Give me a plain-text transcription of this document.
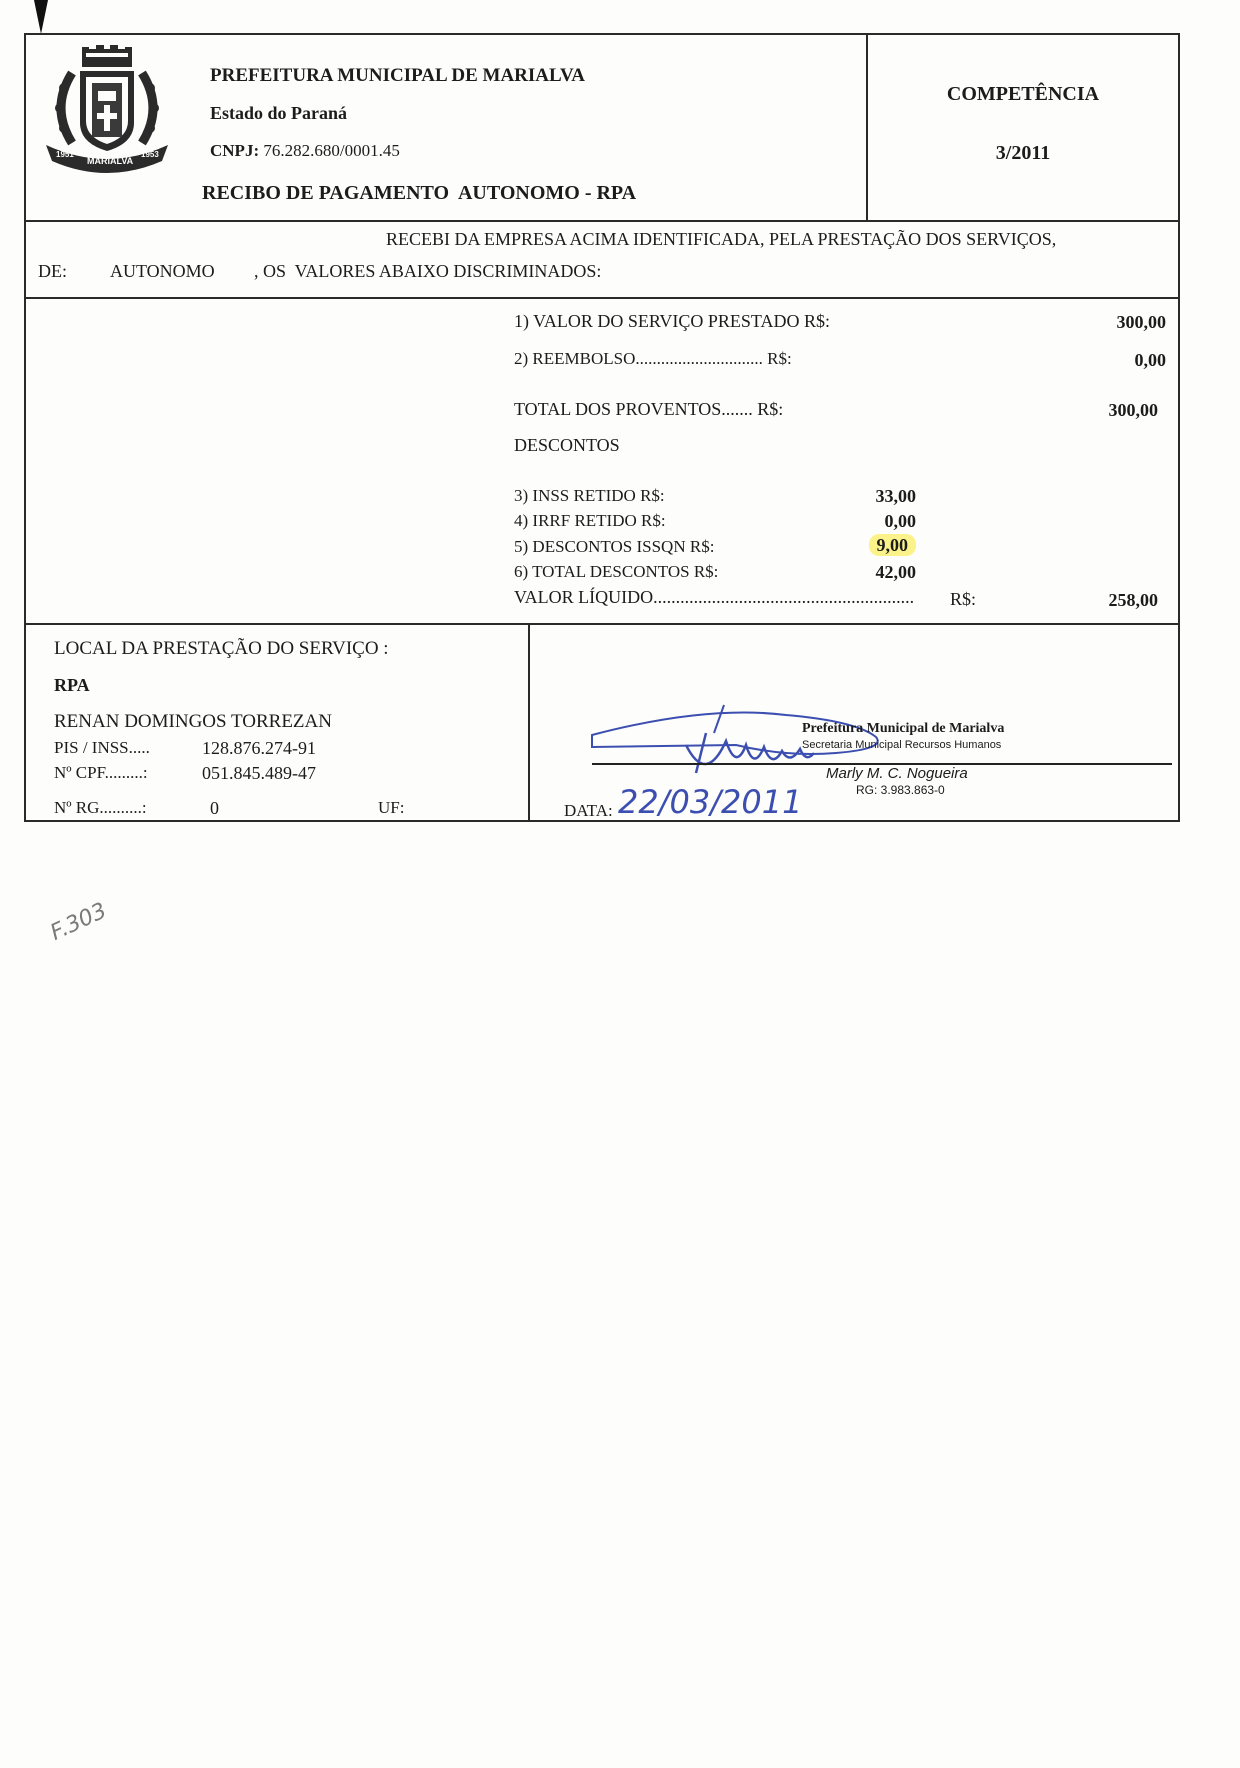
1951
MARIALVA
1953
PREFEITURA MUNICIPAL DE MARIALVA
Estado do Paraná
CNPJ: 76.282.680/0001.45
RECIBO DE PAGAMENTO  AUTONOMO - RPA
COMPETÊNCIA
3/2011
RECEBI DA EMPRESA ACIMA IDENTIFICADA, PELA PRESTAÇÃO DOS SERVIÇOS,
DE: AUTONOMO , OS  VALORES ABAIXO DISCRIMINADOS:
1) VALOR DO SERVIÇO PRESTADO R$:	300,00
2) REEMBOLSO.............................. R$:	0,00
TOTAL DOS PROVENTOS....... R$:	300,00
DESCONTOS
3) INSS RETIDO R$:	33,00
4) IRRF RETIDO R$:	0,00
5) DESCONTOS ISSQN R$:	9,00
6) TOTAL DESCONTOS R$:	42,00
VALOR LÍQUIDO..........................................................	R$:	258,00
LOCAL DA PRESTAÇÃO DO SERVIÇO :
RPA
RENAN DOMINGOS TORREZAN
PIS / INSS.....	128.876.274-91
Nº CPF.........:	051.845.489-47
Nº RG..........:	0	UF:
Prefeitura Municipal de Marialva
Secretaria Municipal Recursos Humanos
Marly M. C. Nogueira
RG: 3.983.863-0
DATA: 22/03/2011
F.303
